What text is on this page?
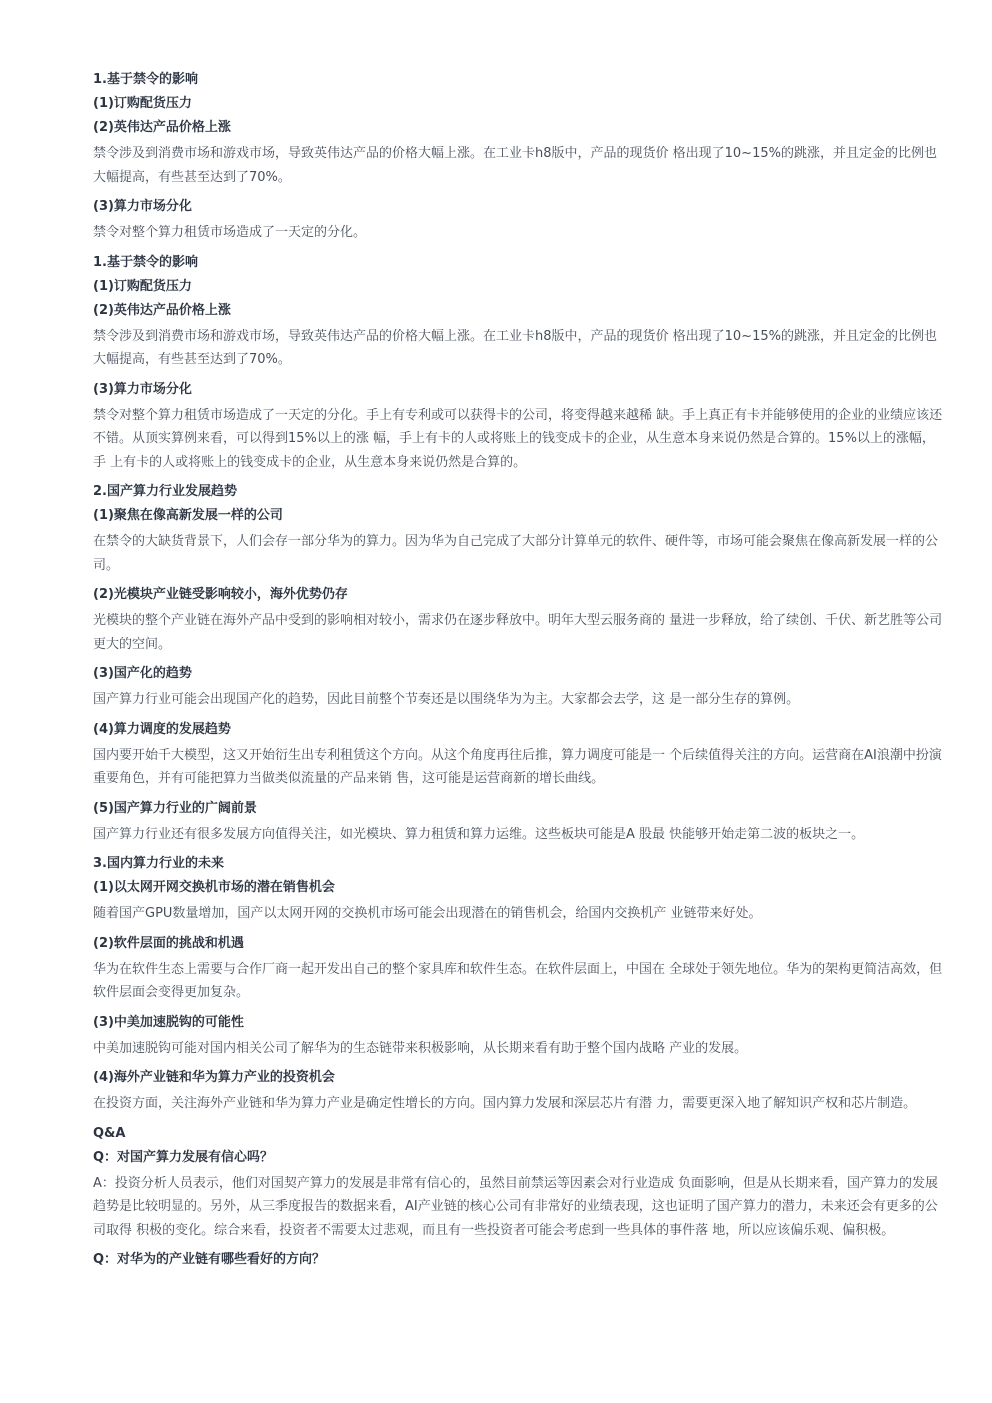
1.基于禁令的影响
(1)订购配货压力
(2)英伟达产品价格上涨
禁令涉及到消费市场和游戏市场，导致英伟达产品的价格大幅上涨。在工业卡h8版中，产品的现货价 格出现了10~15%的跳涨，并且定金的比例也大幅提高，有些甚至达到了70%。
(3)算力市场分化
禁令对整个算力租赁市场造成了一天定的分化。
1.基于禁令的影响
(1)订购配货压力
(2)英伟达产品价格上涨
禁令涉及到消费市场和游戏市场，导致英伟达产品的价格大幅上涨。在工业卡h8版中，产品的现货价 格出现了10~15%的跳涨，并且定金的比例也大幅提高，有些甚至达到了70%。
(3)算力市场分化
禁令对整个算力租赁市场造成了一天定的分化。手上有专利或可以获得卡的公司，将变得越来越稀 缺。手上真正有卡并能够使用的企业的业绩应该还不错。从顶实算例来看，可以得到15%以上的涨 幅，手上有卡的人或将账上的钱变成卡的企业，从生意本身来说仍然是合算的。15%以上的涨幅，手 上有卡的人或将账上的钱变成卡的企业，从生意本身来说仍然是合算的。
2.国产算力行业发展趋势
(1)聚焦在像高新发展一样的公司
在禁令的大缺货背景下，人们会存一部分华为的算力。因为华为自己完成了大部分计算单元的软件、硬件等，市场可能会聚焦在像高新发展一样的公司。
(2)光模块产业链受影响较小，海外优势仍存
光模块的整个产业链在海外产品中受到的影响相对较小，需求仍在逐步释放中。明年大型云服务商的 量进一步释放，给了续创、千伏、新艺胜等公司更大的空间。
(3)国产化的趋势
国产算力行业可能会出现国产化的趋势，因此目前整个节奏还是以围绕华为为主。大家都会去学，这 是一部分生存的算例。
(4)算力调度的发展趋势
国内要开始千大模型，这又开始衍生出专利租赁这个方向。从这个角度再往后推，算力调度可能是一 个后续值得关注的方向。运营商在AI浪潮中扮演重要角色，并有可能把算力当做类似流量的产品来销 售，这可能是运营商新的增长曲线。
(5)国产算力行业的广阔前景
国产算力行业还有很多发展方向值得关注，如光模块、算力租赁和算力运维。这些板块可能是A 股最 快能够开始走第二波的板块之一。
3.国内算力行业的未来
(1)以太网开网交换机市场的潜在销售机会
随着国产GPU数量增加，国产以太网开网的交换机市场可能会出现潜在的销售机会，给国内交换机产 业链带来好处。
(2)软件层面的挑战和机遇
华为在软件生态上需要与合作厂商一起开发出自己的整个家具库和软件生态。在软件层面上，中国在 全球处于领先地位。华为的架构更简洁高效，但软件层面会变得更加复杂。
(3)中美加速脱钩的可能性
中美加速脱钩可能对国内相关公司了解华为的生态链带来积极影响，从长期来看有助于整个国内战略 产业的发展。
(4)海外产业链和华为算力产业的投资机会
在投资方面，关注海外产业链和华为算力产业是确定性增长的方向。国内算力发展和深层芯片有潜 力，需要更深入地了解知识产权和芯片制造。
Q&A
Q：对国产算力发展有信心吗？
A：投资分析人员表示，他们对国契产算力的发展是非常有信心的，虽然目前禁运等因素会对行业造成 负面影响，但是从长期来看，国产算力的发展趋势是比较明显的。另外，从三季度报告的数据来看，AI产业链的核心公司有非常好的业绩表现，这也证明了国产算力的潜力，未来还会有更多的公司取得 积极的变化。综合来看，投资者不需要太过悲观，而且有一些投资者可能会考虑到一些具体的事件落 地，所以应该偏乐观、偏积极。
Q：对华为的产业链有哪些看好的方向？
